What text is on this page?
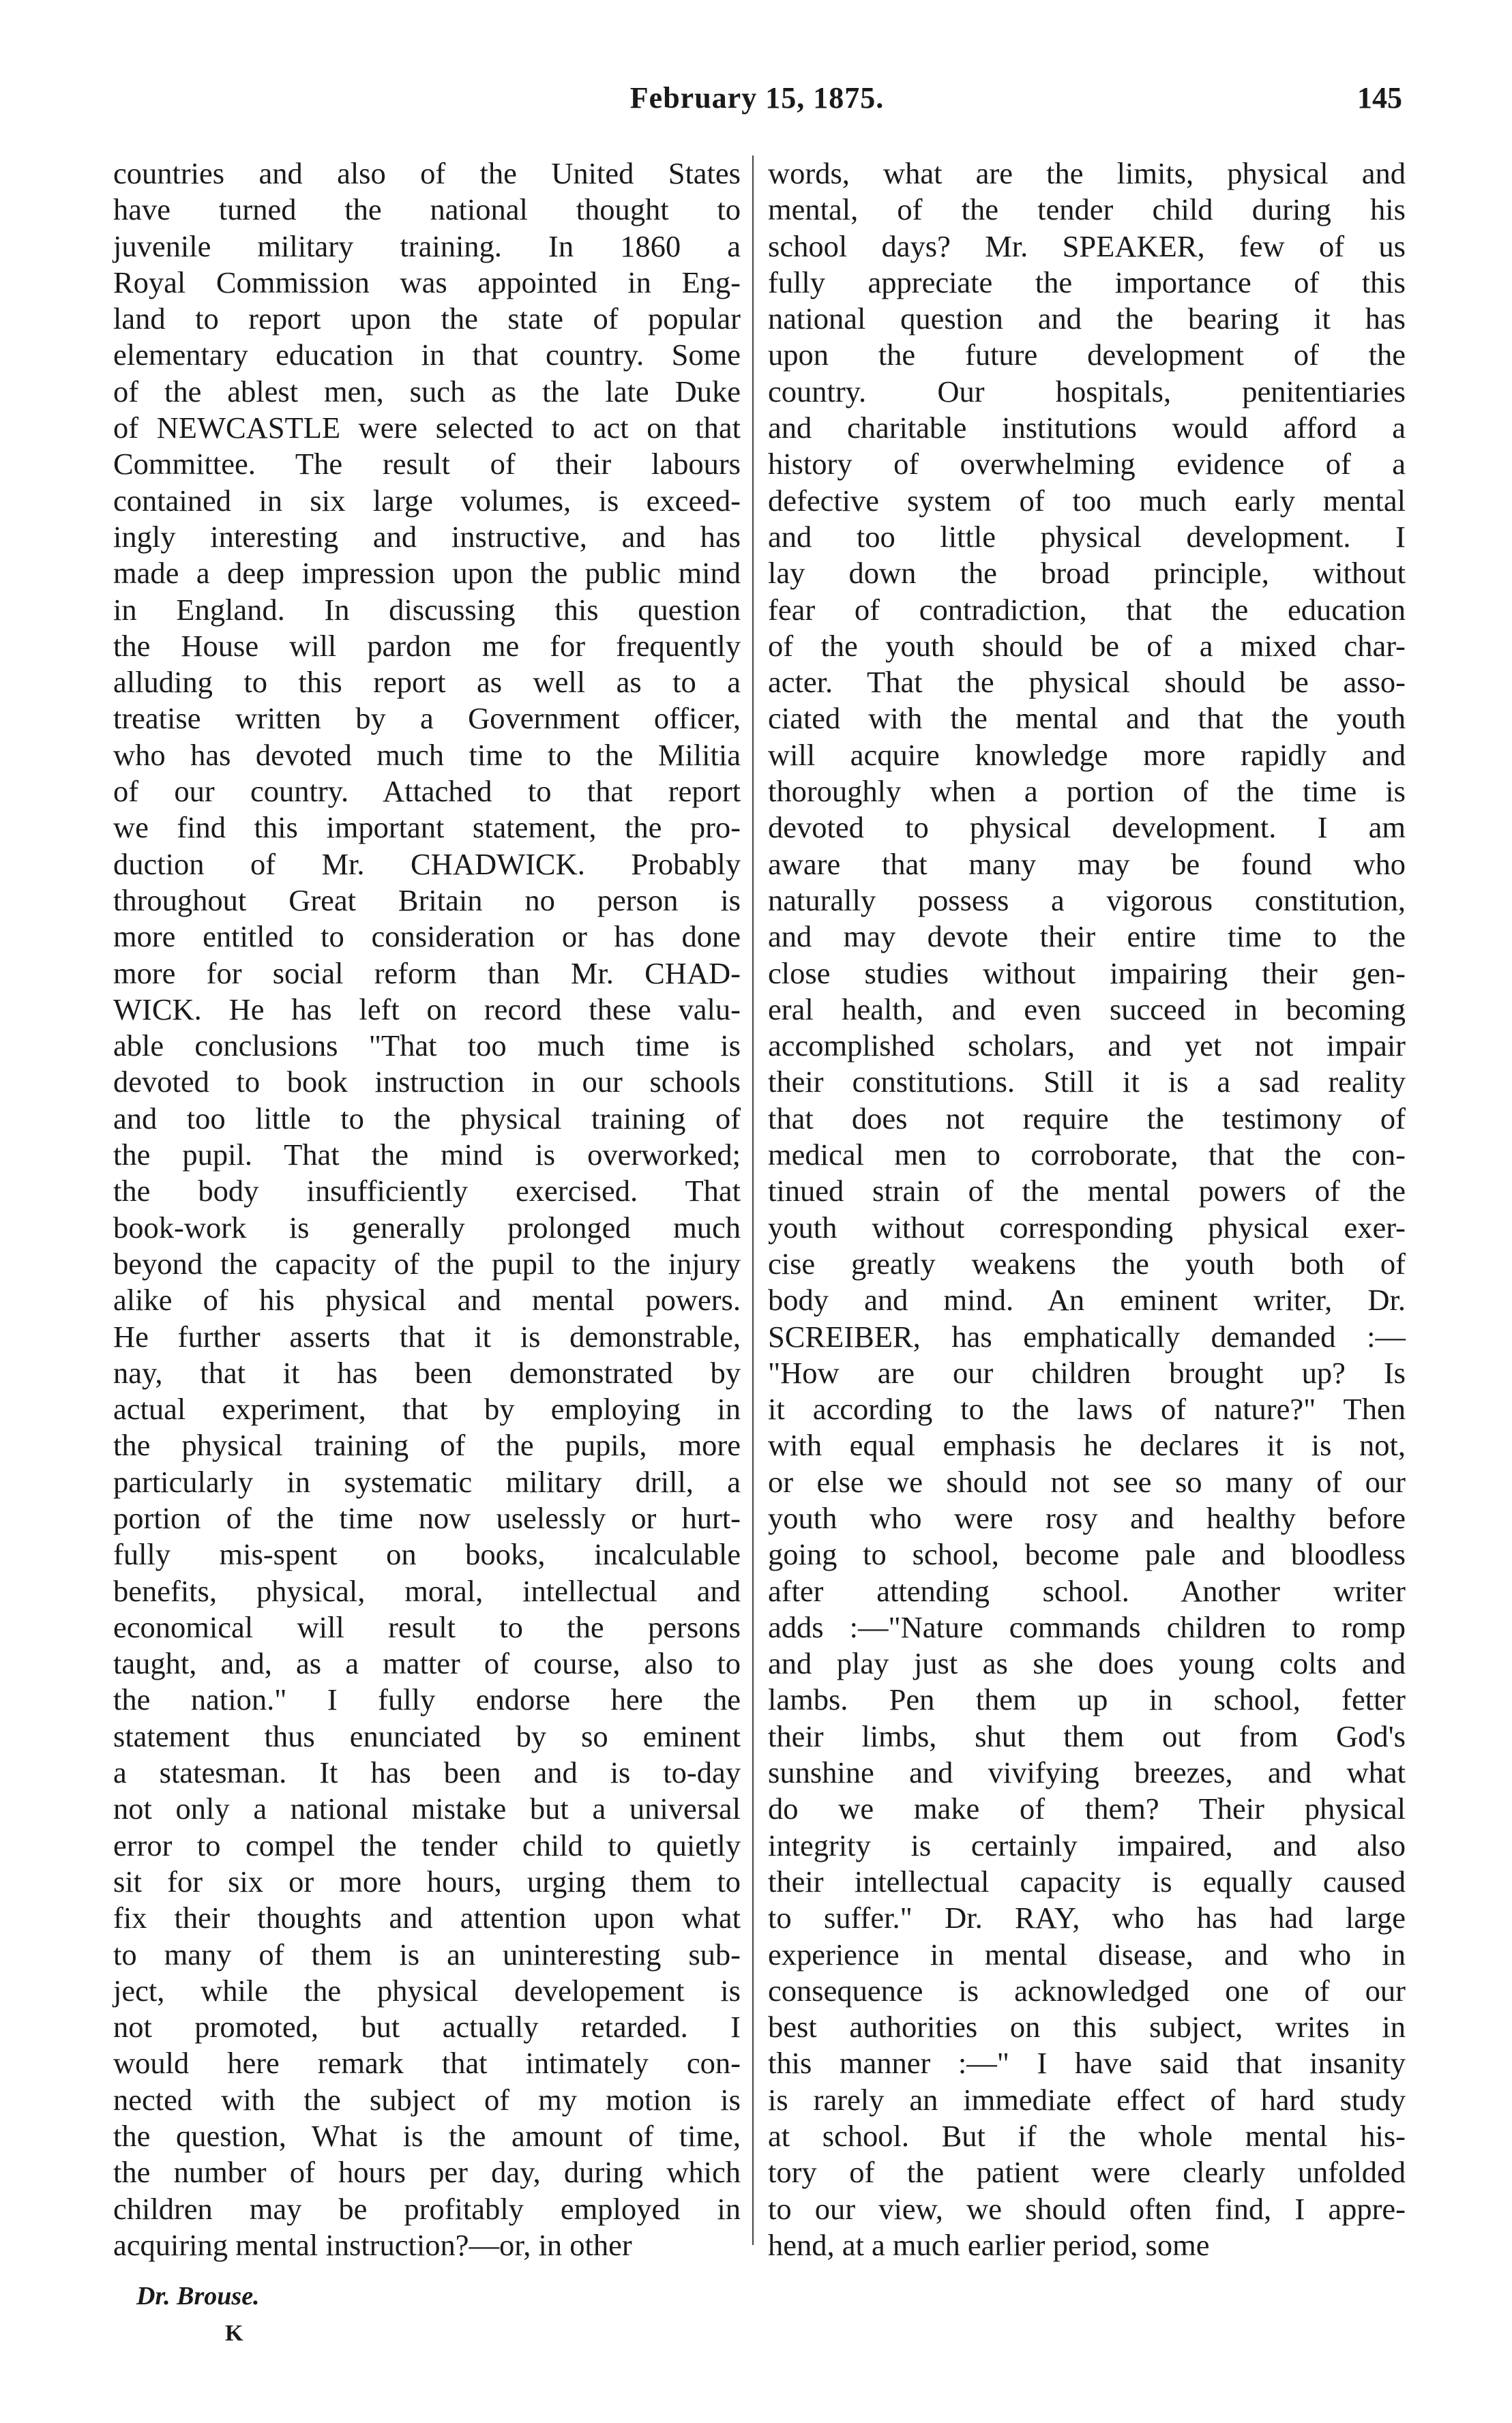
February 15, 1875.	145
countries and also of the United States
have turned the national thought to
juvenile military training. In 1860 a
Royal Commission was appointed in Eng-
land to report upon the state of popular
elementary education in that country. Some
of the ablest men, such as the late Duke
of NEWCASTLE were selected to act on that
Committee. The result of their labours
contained in six large volumes, is exceed-
ingly interesting and instructive, and has
made a deep impression upon the public mind
in England. In discussing this question
the House will pardon me for frequently
alluding to this report as well as to a
treatise written by a Government officer,
who has devoted much time to the Militia
of our country. Attached to that report
we find this important statement, the pro-
duction of Mr. CHADWICK. Probably
throughout Great Britain no person is
more entitled to consideration or has done
more for social reform than Mr. CHAD-
WICK. He has left on record these valu-
able conclusions "That too much time is
devoted to book instruction in our schools
and too little to the physical training of
the pupil. That the mind is overworked;
the body insufficiently exercised. That
book-work is generally prolonged much
beyond the capacity of the pupil to the injury
alike of his physical and mental powers.
He further asserts that it is demonstrable,
nay, that it has been demonstrated by
actual experiment, that by employing in
the physical training of the pupils, more
particularly in systematic military drill, a
portion of the time now uselessly or hurt-
fully mis-spent on books, incalculable
benefits, physical, moral, intellectual and
economical will result to the persons
taught, and, as a matter of course, also to
the nation." I fully endorse here the
statement thus enunciated by so eminent
a statesman. It has been and is to-day
not only a national mistake but a universal
error to compel the tender child to quietly
sit for six or more hours, urging them to
fix their thoughts and attention upon what
to many of them is an uninteresting sub-
ject, while the physical developement is
not promoted, but actually retarded. I
would here remark that intimately con-
nected with the subject of my motion is
the question, What is the amount of time,
the number of hours per day, during which
children may be profitably employed in
acquiring mental instruction?—or, in other
words, what are the limits, physical and
mental, of the tender child during his
school days? Mr. SPEAKER, few of us
fully appreciate the importance of this
national question and the bearing it has
upon the future development of the
country. Our hospitals, penitentiaries
and charitable institutions would afford a
history of overwhelming evidence of a
defective system of too much early mental
and too little physical development. I
lay down the broad principle, without
fear of contradiction, that the education
of the youth should be of a mixed char-
acter. That the physical should be asso-
ciated with the mental and that the youth
will acquire knowledge more rapidly and
thoroughly when a portion of the time is
devoted to physical development. I am
aware that many may be found who
naturally possess a vigorous constitution,
and may devote their entire time to the
close studies without impairing their gen-
eral health, and even succeed in becoming
accomplished scholars, and yet not impair
their constitutions. Still it is a sad reality
that does not require the testimony of
medical men to corroborate, that the con-
tinued strain of the mental powers of the
youth without corresponding physical exer-
cise greatly weakens the youth both of
body and mind. An eminent writer, Dr.
SCREIBER, has emphatically demanded :—
"How are our children brought up? Is
it according to the laws of nature?" Then
with equal emphasis he declares it is not,
or else we should not see so many of our
youth who were rosy and healthy before
going to school, become pale and bloodless
after attending school. Another writer
adds :—"Nature commands children to romp
and play just as she does young colts and
lambs. Pen them up in school, fetter
their limbs, shut them out from God's
sunshine and vivifying breezes, and what
do we make of them? Their physical
integrity is certainly impaired, and also
their intellectual capacity is equally caused
to suffer." Dr. RAY, who has had large
experience in mental disease, and who in
consequence is acknowledged one of our
best authorities on this subject, writes in
this manner :—" I have said that insanity
is rarely an immediate effect of hard study
at school. But if the whole mental his-
tory of the patient were clearly unfolded
to our view, we should often find, I appre-
hend, at a much earlier period, some
Dr. Brouse.
K
